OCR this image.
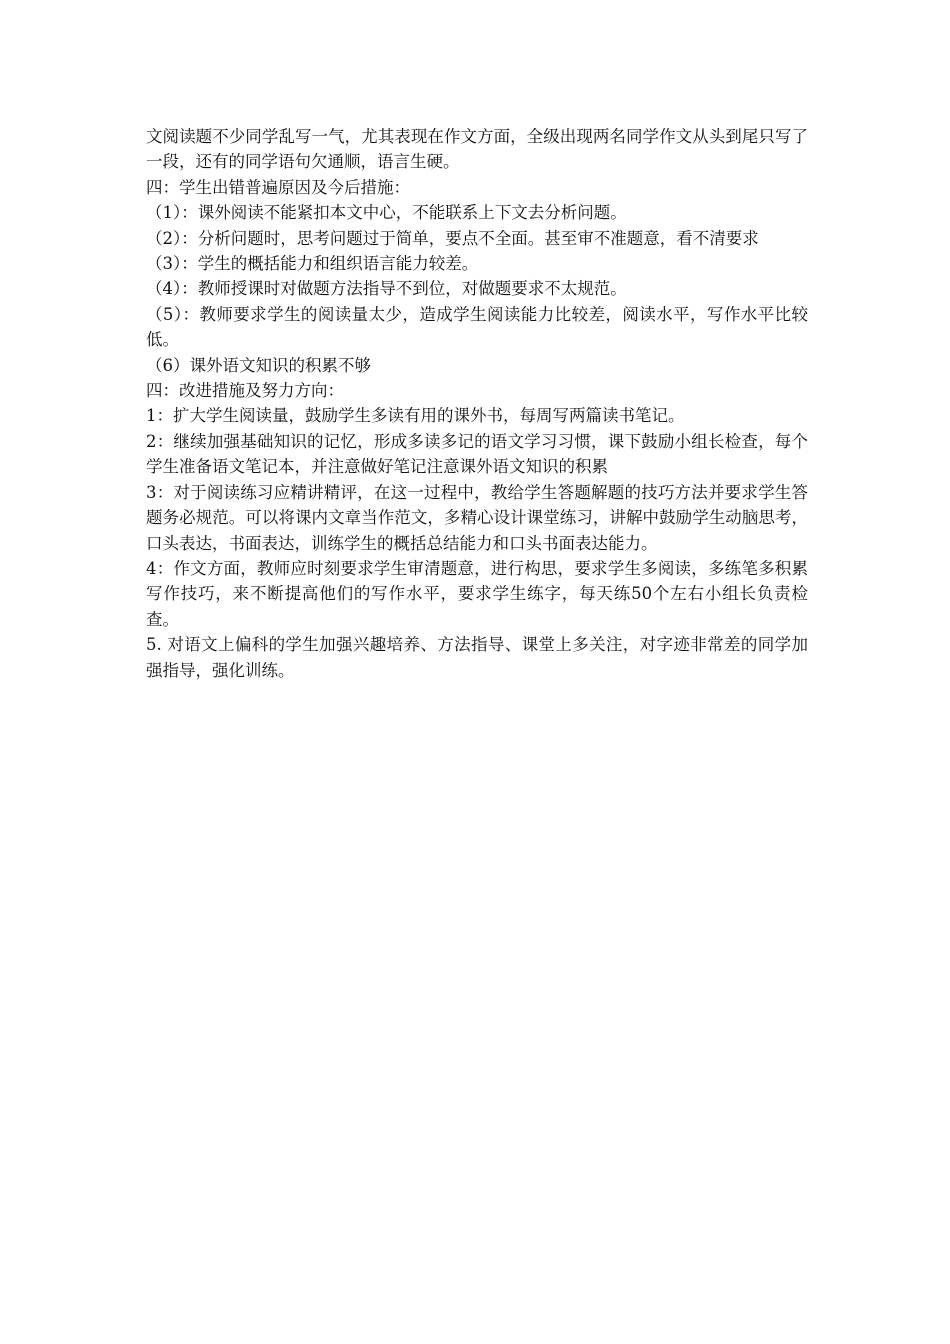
文阅读题不少同学乱写一气，尤其表现在作文方面，全级出现两名同学作文从头到尾只写了一段，还有的同学语句欠通顺，语言生硬。

四：学生出错普遍原因及今后措施：

（1）：课外阅读不能紧扣本文中心，不能联系上下文去分析问题。

（2）：分析问题时，思考问题过于简单，要点不全面。甚至审不准题意，看不清要求

（3）：学生的概括能力和组织语言能力较差。

（4）：教师授课时对做题方法指导不到位，对做题要求不太规范。

（5）：教师要求学生的阅读量太少，造成学生阅读能力比较差，阅读水平，写作水平比较低。

（6）课外语文知识的积累不够

四：改进措施及努力方向：

1：扩大学生阅读量，鼓励学生多读有用的课外书，每周写两篇读书笔记。

2：继续加强基础知识的记忆，形成多读多记的语文学习习惯，课下鼓励小组长检查，每个学生准备语文笔记本，并注意做好笔记注意课外语文知识的积累

3：对于阅读练习应精讲精评，在这一过程中，教给学生答题解题的技巧方法并要求学生答题务必规范。可以将课内文章当作范文，多精心设计课堂练习，讲解中鼓励学生动脑思考，口头表达，书面表达，训练学生的概括总结能力和口头书面表达能力。

4：作文方面，教师应时刻要求学生审清题意，进行构思，要求学生多阅读，多练笔多积累写作技巧，来不断提高他们的写作水平，要求学生练字，每天练50个左右小组长负责检查。

5. 对语文上偏科的学生加强兴趣培养、方法指导、课堂上多关注，对字迹非常差的同学加强指导，强化训练。
